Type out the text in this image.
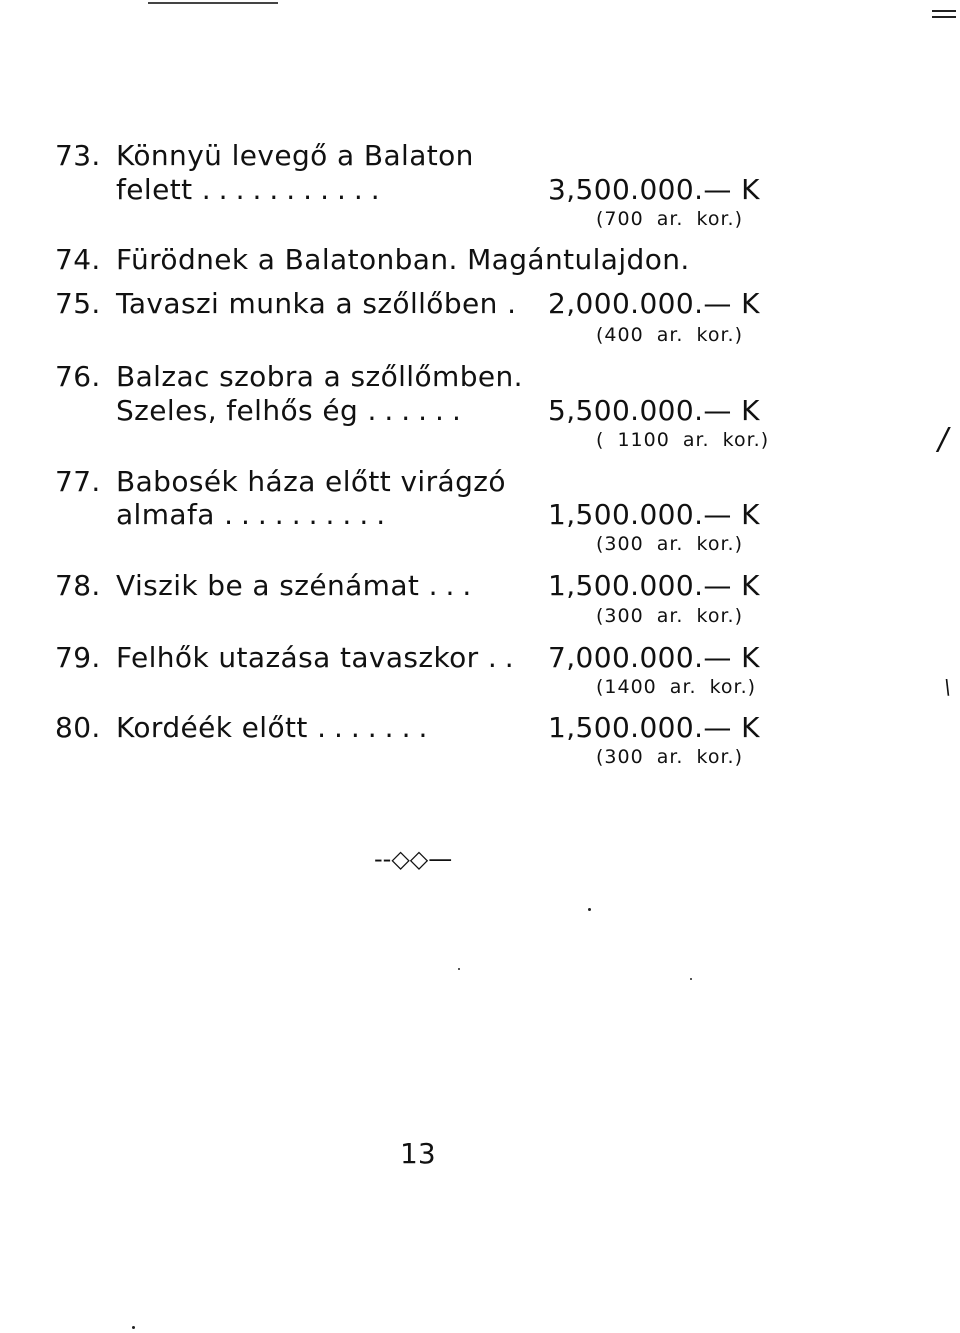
73. Könnyü levegő a Balaton
felett ...........	3,500.000.— K
(700 ar. kor.)
74. Fürödnek a Balatonban. Magántulajdon.
75. Tavaszi munka a szőllőben . 2,000.000.— K
(400 ar. kor.)
76. Balzac szobra a szőllőmben.
Szeles, felhős ég ......	5,500.000.— K
( 1100 ar. kor.)
77. Babosék háza előtt virágzó
almafa ..........	1,500.000.— K
(300 ar. kor.)
78. Viszik be a szénámat ... 1,500.000.— K
(300 ar. kor.)
79. Felhők utazása tavaszkor .. 7,000.000.— K
(1400 ar. kor.)
80. Kordéék előtt .......	1,500.000.— K
(300 ar. kor.)
--◇◇—
13
/
\
